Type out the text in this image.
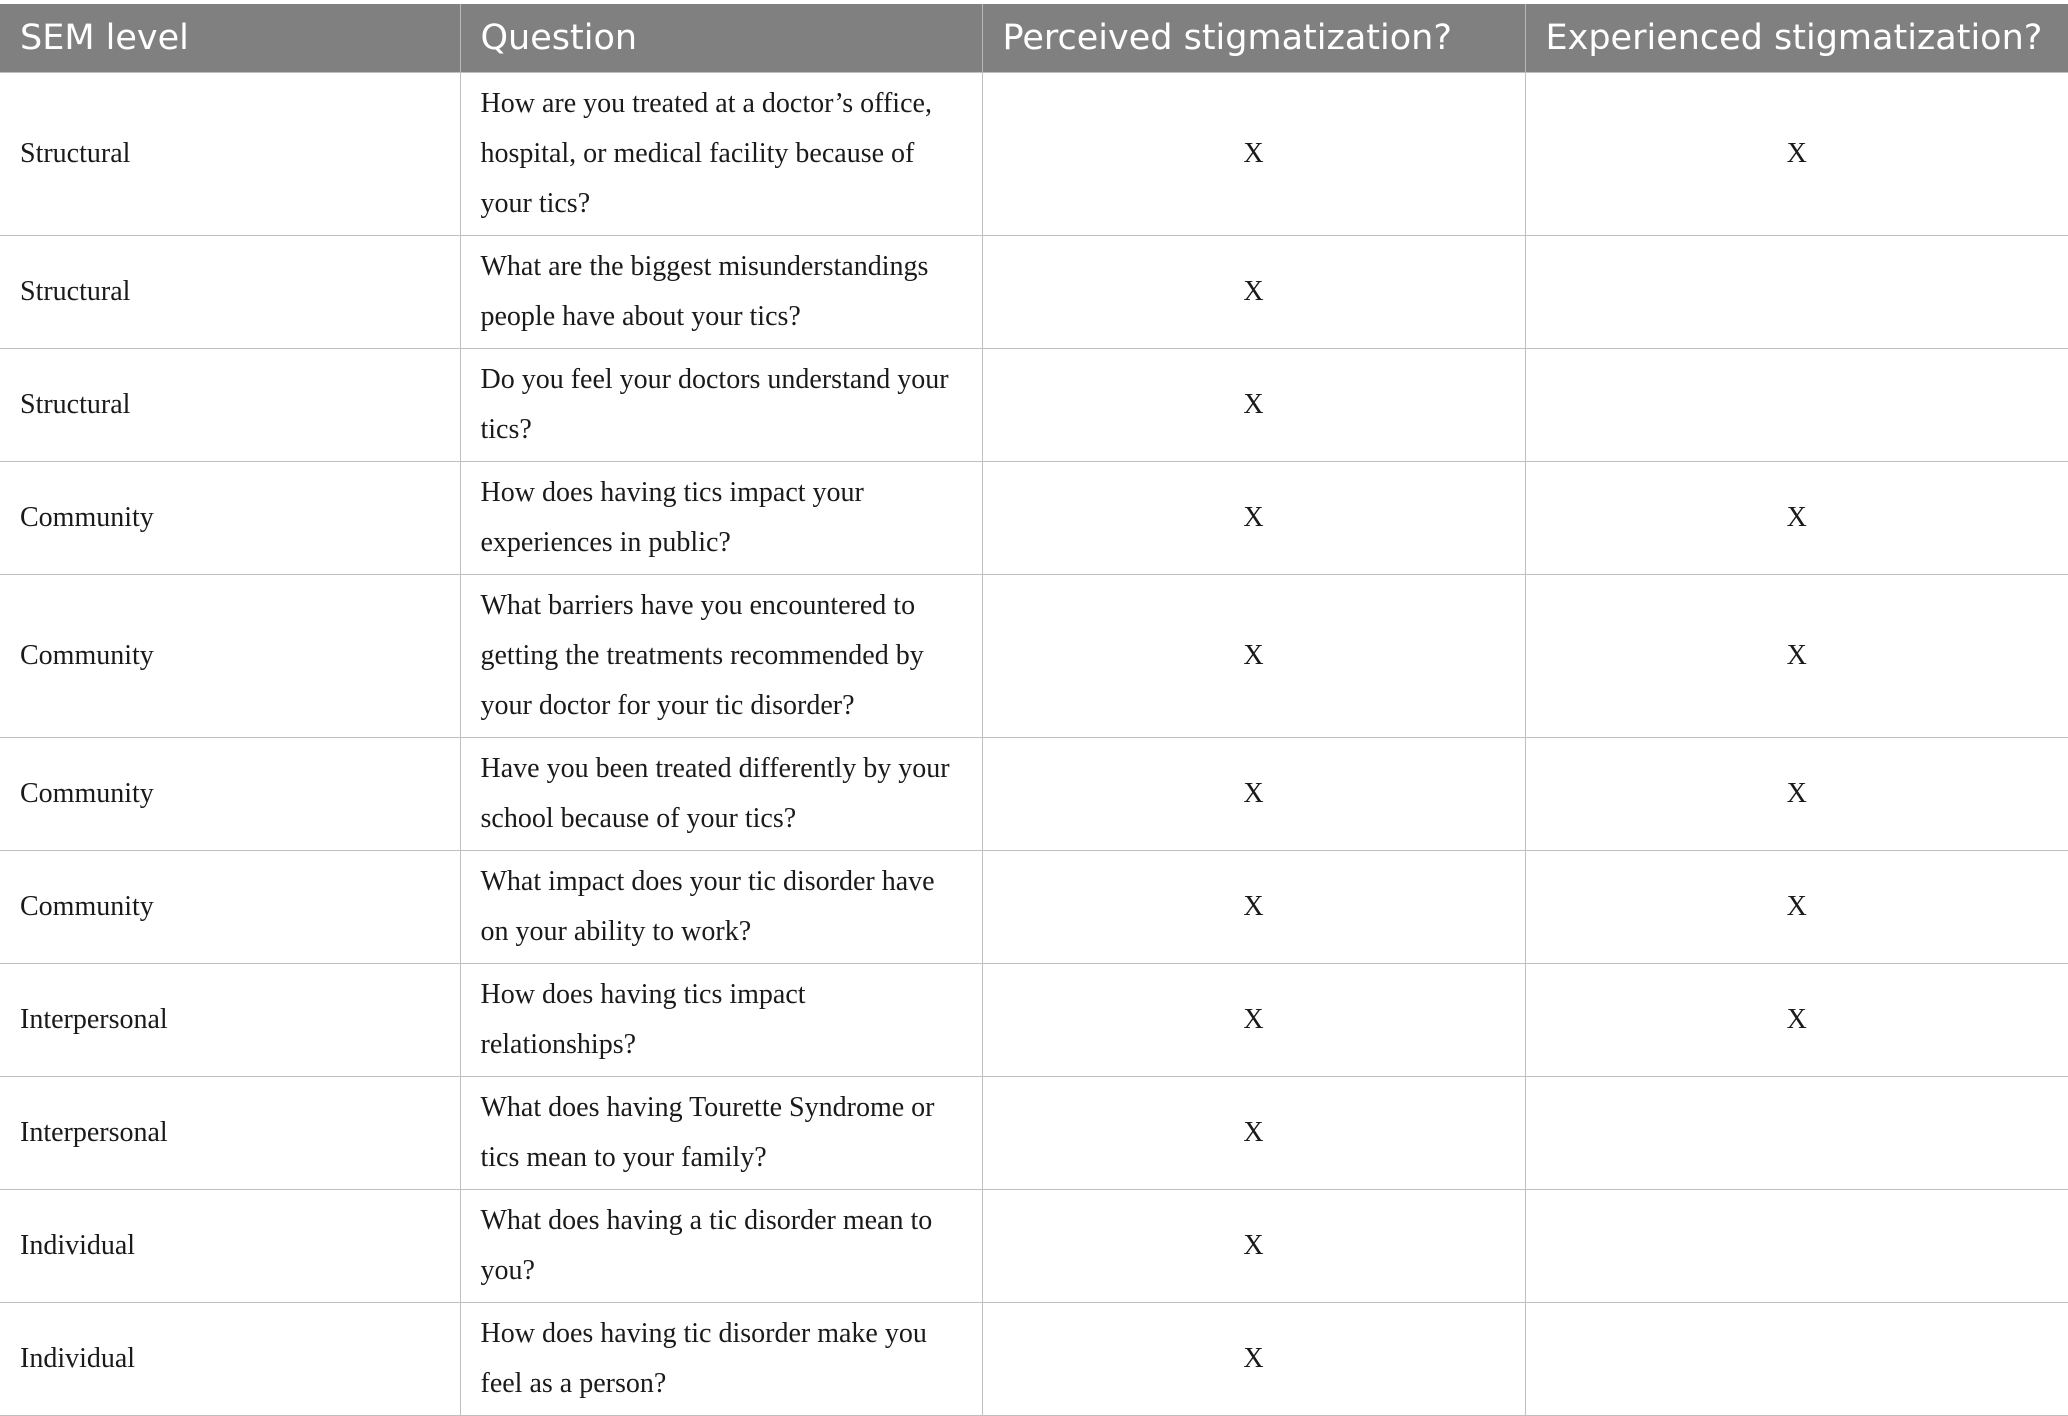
SEM level	Question	Perceived stigmatization?	Experienced stigmatization?
Structural	How are you treated at a doctor’s office, hospital, or medical facility because of your tics?	X	X
Structural	What are the biggest misunderstandings people have about your tics?	X	
Structural	Do you feel your doctors understand your tics?	X	
Community	How does having tics impact your experiences in public?	X	X
Community	What barriers have you encountered to getting the treatments recommended by your doctor for your tic disorder?	X	X
Community	Have you been treated differently by your school because of your tics?	X	X
Community	What impact does your tic disorder have on your ability to work?	X	X
Interpersonal	How does having tics impact relationships?	X	X
Interpersonal	What does having Tourette Syndrome or tics mean to your family?	X	
Individual	What does having a tic disorder mean to you?	X	
Individual	How does having tic disorder make you feel as a person?	X	
